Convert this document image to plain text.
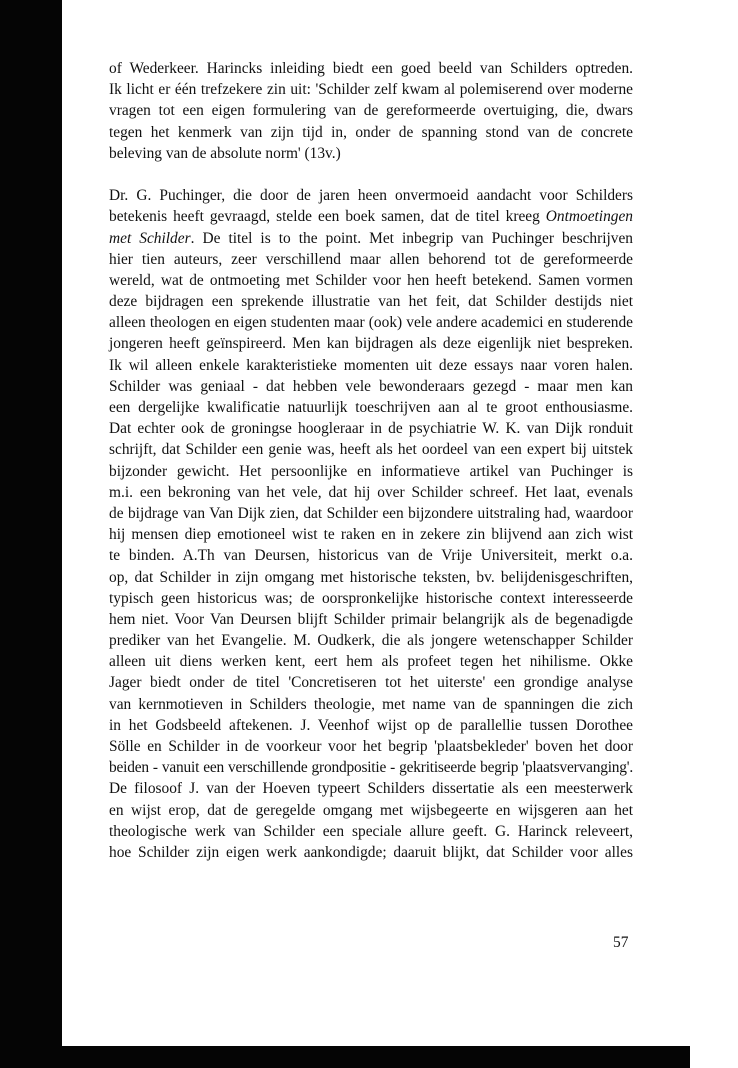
of Wederkeer. Harincks inleiding biedt een goed beeld van Schilders optreden.
Ik licht er één trefzekere zin uit: 'Schilder zelf kwam al polemiserend over moderne
vragen tot een eigen formulering van de gereformeerde overtuiging, die, dwars
tegen het kenmerk van zijn tijd in, onder de spanning stond van de concrete
beleving van de absolute norm' (13v.)
Dr. G. Puchinger, die door de jaren heen onvermoeid aandacht voor Schilders
betekenis heeft gevraagd, stelde een boek samen, dat de titel kreeg Ontmoetingen
met Schilder. De titel is to the point. Met inbegrip van Puchinger beschrijven
hier tien auteurs, zeer verschillend maar allen behorend tot de gereformeerde
wereld, wat de ontmoeting met Schilder voor hen heeft betekend. Samen vormen
deze bijdragen een sprekende illustratie van het feit, dat Schilder destijds niet
alleen theologen en eigen studenten maar (ook) vele andere academici en studerende
jongeren heeft geïnspireerd. Men kan bijdragen als deze eigenlijk niet bespreken.
Ik wil alleen enkele karakteristieke momenten uit deze essays naar voren halen.
Schilder was geniaal - dat hebben vele bewonderaars gezegd - maar men kan
een dergelijke kwalificatie natuurlijk toeschrijven aan al te groot enthousiasme.
Dat echter ook de groningse hoogleraar in de psychiatrie W. K. van Dijk ronduit
schrijft, dat Schilder een genie was, heeft als het oordeel van een expert bij uitstek
bijzonder gewicht. Het persoonlijke en informatieve artikel van Puchinger is
m.i. een bekroning van het vele, dat hij over Schilder schreef. Het laat, evenals
de bijdrage van Van Dijk zien, dat Schilder een bijzondere uitstraling had, waardoor
hij mensen diep emotioneel wist te raken en in zekere zin blijvend aan zich wist
te binden. A.Th van Deursen, historicus van de Vrije Universiteit, merkt o.a.
op, dat Schilder in zijn omgang met historische teksten, bv. belijdenisgeschriften,
typisch geen historicus was; de oorspronkelijke historische context interesseerde
hem niet. Voor Van Deursen blijft Schilder primair belangrijk als de begenadigde
prediker van het Evangelie. M. Oudkerk, die als jongere wetenschapper Schilder
alleen uit diens werken kent, eert hem als profeet tegen het nihilisme. Okke
Jager biedt onder de titel 'Concretiseren tot het uiterste' een grondige analyse
van kernmotieven in Schilders theologie, met name van de spanningen die zich
in het Godsbeeld aftekenen. J. Veenhof wijst op de parallellie tussen Dorothee
Sölle en Schilder in de voorkeur voor het begrip 'plaatsbekleder' boven het door
beiden - vanuit een verschillende grondpositie - gekritiseerde begrip 'plaatsvervanging'.
De filosoof J. van der Hoeven typeert Schilders dissertatie als een meesterwerk
en wijst erop, dat de geregelde omgang met wijsbegeerte en wijsgeren aan het
theologische werk van Schilder een speciale allure geeft. G. Harinck releveert,
hoe Schilder zijn eigen werk aankondigde; daaruit blijkt, dat Schilder voor alles
57
